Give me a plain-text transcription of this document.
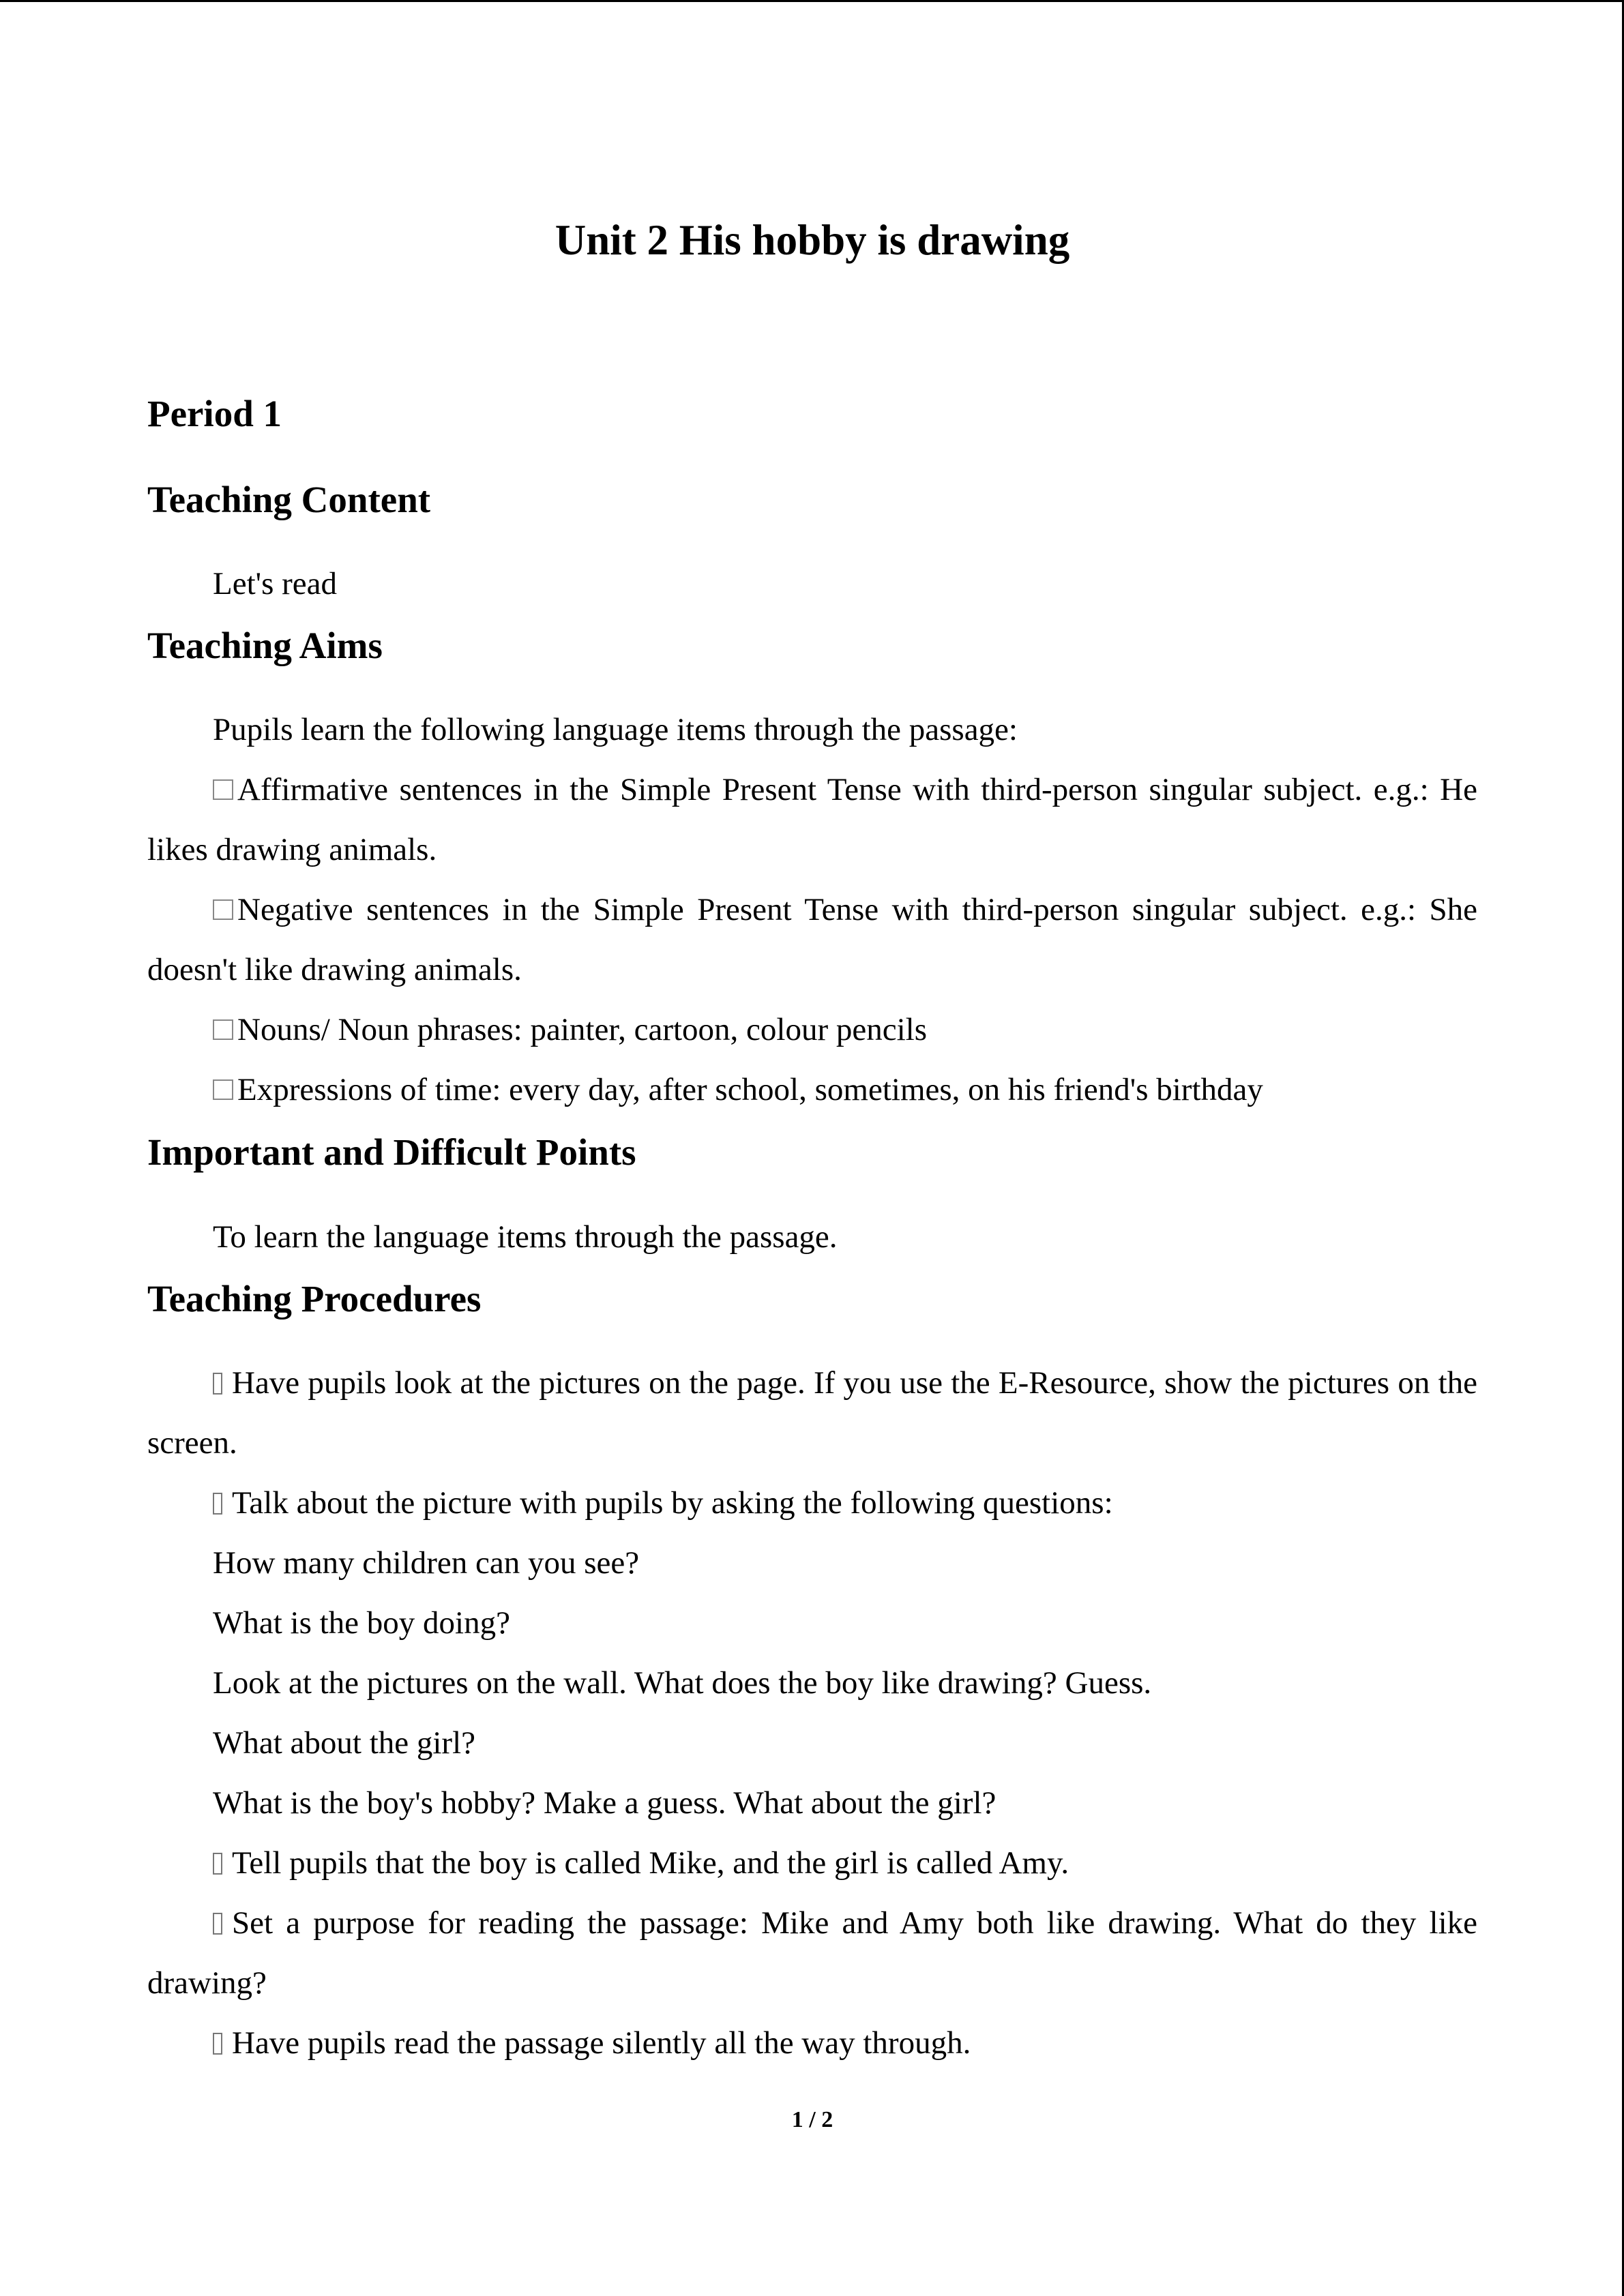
Unit 2 His hobby is drawing
Period 1
Teaching Content

Let's read

Teaching Aims

Pupils learn the following language items through the passage:

Affirmative sentences in the Simple Present Tense with third-person singular subject. e.g.: He likes drawing animals.

Negative sentences in the Simple Present Tense with third-person singular subject. e.g.: She doesn't like drawing animals.

Nouns/ Noun phrases: painter, cartoon, colour pencils

Expressions of time: every day, after school, sometimes, on his friend's birthday

Important and Difficult Points

To learn the language items through the passage.

Teaching Procedures

Have pupils look at the pictures on the page. If you use the E-Resource, show the pictures on the screen.

Talk about the picture with pupils by asking the following questions:

How many children can you see?

What is the boy doing?

Look at the pictures on the wall. What does the boy like drawing? Guess.

What about the girl?

What is the boy's hobby? Make a guess. What about the girl?

Tell pupils that the boy is called Mike, and the girl is called Amy.

Set a purpose for reading the passage: Mike and Amy both like drawing. What do they like drawing?

Have pupils read the passage silently all the way through.

1 / 2
